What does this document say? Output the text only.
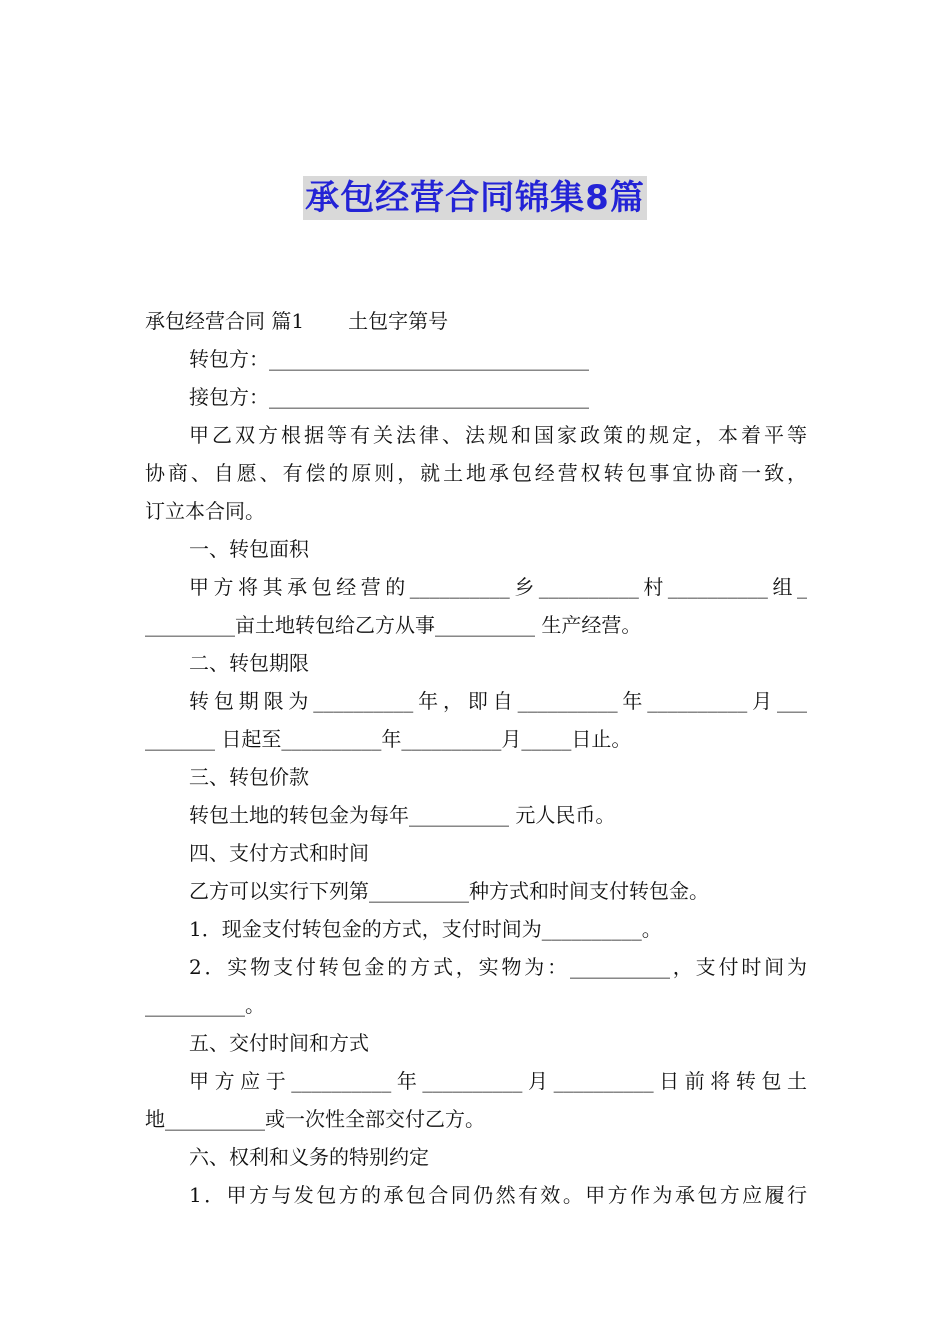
承包经营合同锦集8篇
承包经营合同 篇1 土包字第号
转包方：________________________________
接包方：________________________________
甲乙双方根据等有关法律、法规和国家政策的规定，本着平等
协商、自愿、有偿的原则，就土地承包经营权转包事宜协商一致，
订立本合同。
一、转包面积
甲方将其承包经营的__________乡__________村__________组_
_________亩土地转包给乙方从事__________ 生产经营。
二、转包期限
转包期限为__________年，即自__________年__________月___
_______ 日起至__________年__________月_____日止。
三、转包价款
转包土地的转包金为每年__________ 元人民币。
四、支付方式和时间
乙方可以实行下列第__________种方式和时间支付转包金。
1．现金支付转包金的方式，支付时间为__________。
2．实物支付转包金的方式，实物为：__________，支付时间为
__________。
五、交付时间和方式
甲方应于__________年__________月__________日前将转包土
地__________或一次性全部交付乙方。
六、权利和义务的特别约定
1．甲方与发包方的承包合同仍然有效。甲方作为承包方应履行
